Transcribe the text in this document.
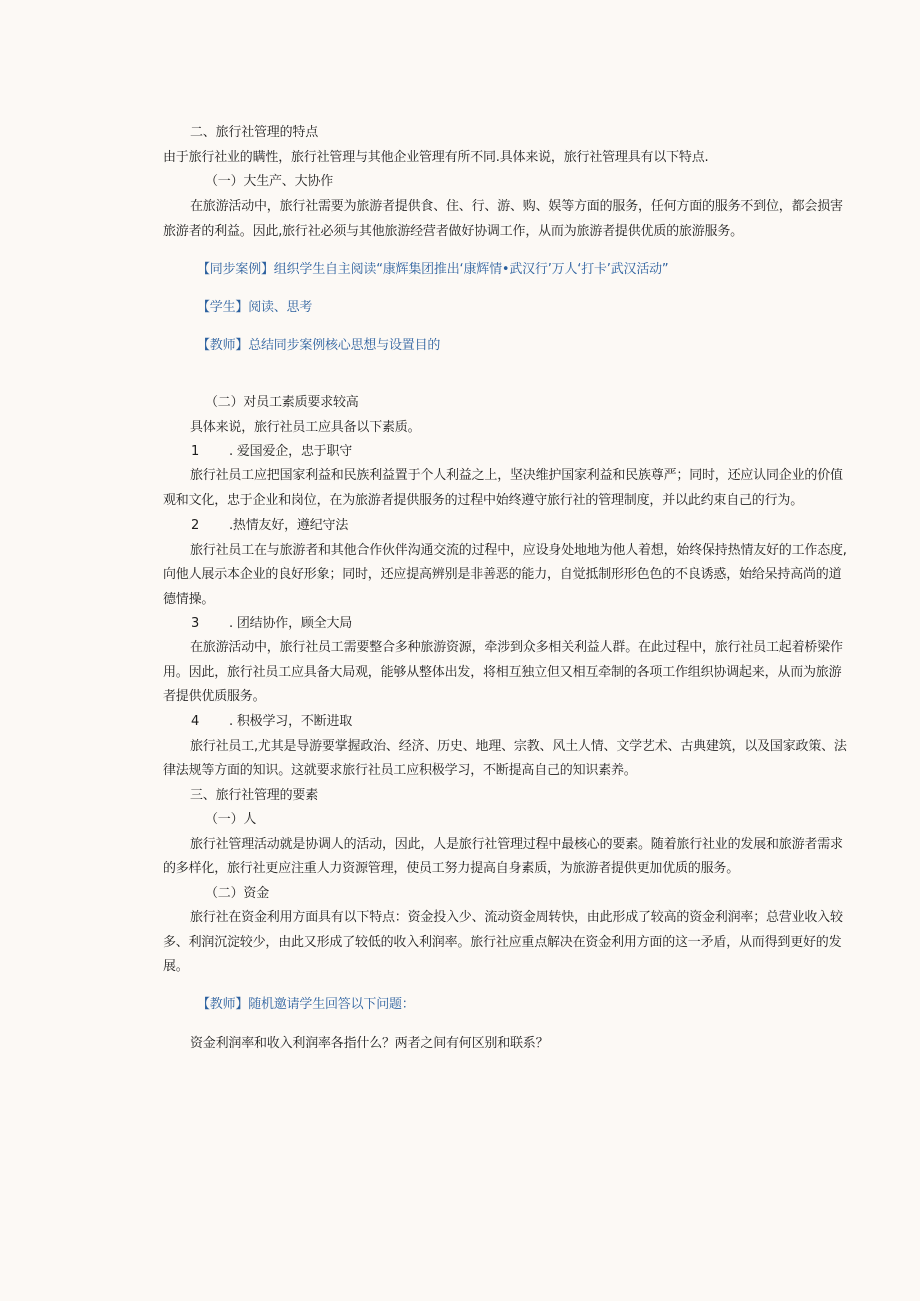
二、旅行社管理的特点
由于旅行社业的瞒性，旅行社管理与其他企业管理有所不同.具体来说，旅行社管理具有以下特点.
（一）大生产、大协作
在旅游活动中，旅行社需要为旅游者提供食、住、行、游、购、娱等方面的服务，任何方面的服务不到位，都会损害
旅游者的利益。因此,旅行社必须与其他旅游经营者做好协调工作，从而为旅游者提供优质的旅游服务。
【同步案例】组织学生自主阅读“康辉集团推出‘康辉情•武汉行’万人‘打卡’武汉活动”
【学生】阅读、思考
【教师】总结同步案例核心思想与设置目的
（二）对员工素质要求较高
具体来说，旅行社员工应具备以下素质。
1 . 爱国爱企，忠于职守
旅行社员工应把国家利益和民族利益置于个人利益之上，坚决维护国家利益和民族尊严；同时，还应认同企业的价值
观和文化，忠于企业和岗位，在为旅游者提供服务的过程中始终遵守旅行社的管理制度，并以此约束自己的行为。
2 .热情友好，遵纪守法
旅行社员工在与旅游者和其他合作伙伴沟通交流的过程中，应设身处地地为他人着想，始终保持热情友好的工作态度,
向他人展示本企业的良好形象；同时，还应提高辨别是非善恶的能力，自觉抵制形形色色的不良诱惑，始给呆持高尚的道
德情操。
3 . 团结协作，顾全大局
在旅游活动中，旅行社员工需要整合多种旅游资源，牵涉到众多相关利益人群。在此过程中，旅行社员工起着桥梁作
用。因此，旅行社员工应具备大局观，能够从整体出发，将相互独立但又相互牵制的各项工作组织协调起来，从而为旅游
者提供优质服务。
4 . 积极学习，不断进取
旅行社员工,尤其是导游要掌握政治、经济、历史、地理、宗教、风土人情、文学艺术、古典建筑，以及国家政策、法
律法规等方面的知识。这就要求旅行社员工应积极学习，不断提高自己的知识素养。
三、旅行社管理的要素
（一）人
旅行社管理活动就是协调人的活动，因此，人是旅行社管理过程中最核心的要素。随着旅行社业的发展和旅游者需求
的多样化，旅行社更应注重人力资源管理，使员工努力提高自身素质，为旅游者提供更加优质的服务。
（二）资金
旅行社在资金利用方面具有以下特点：资金投入少、流动资金周转快，由此形成了较高的资金利润率；总营业收入较
多、利润沉淀较少，由此又形成了较低的收入利润率。旅行社应重点解决在资金利用方面的这一矛盾，从而得到更好的发
展。
【教师】随机邀请学生回答以下问题：
资金利润率和收入利润率各指什么？两者之间有何区别和联系？
